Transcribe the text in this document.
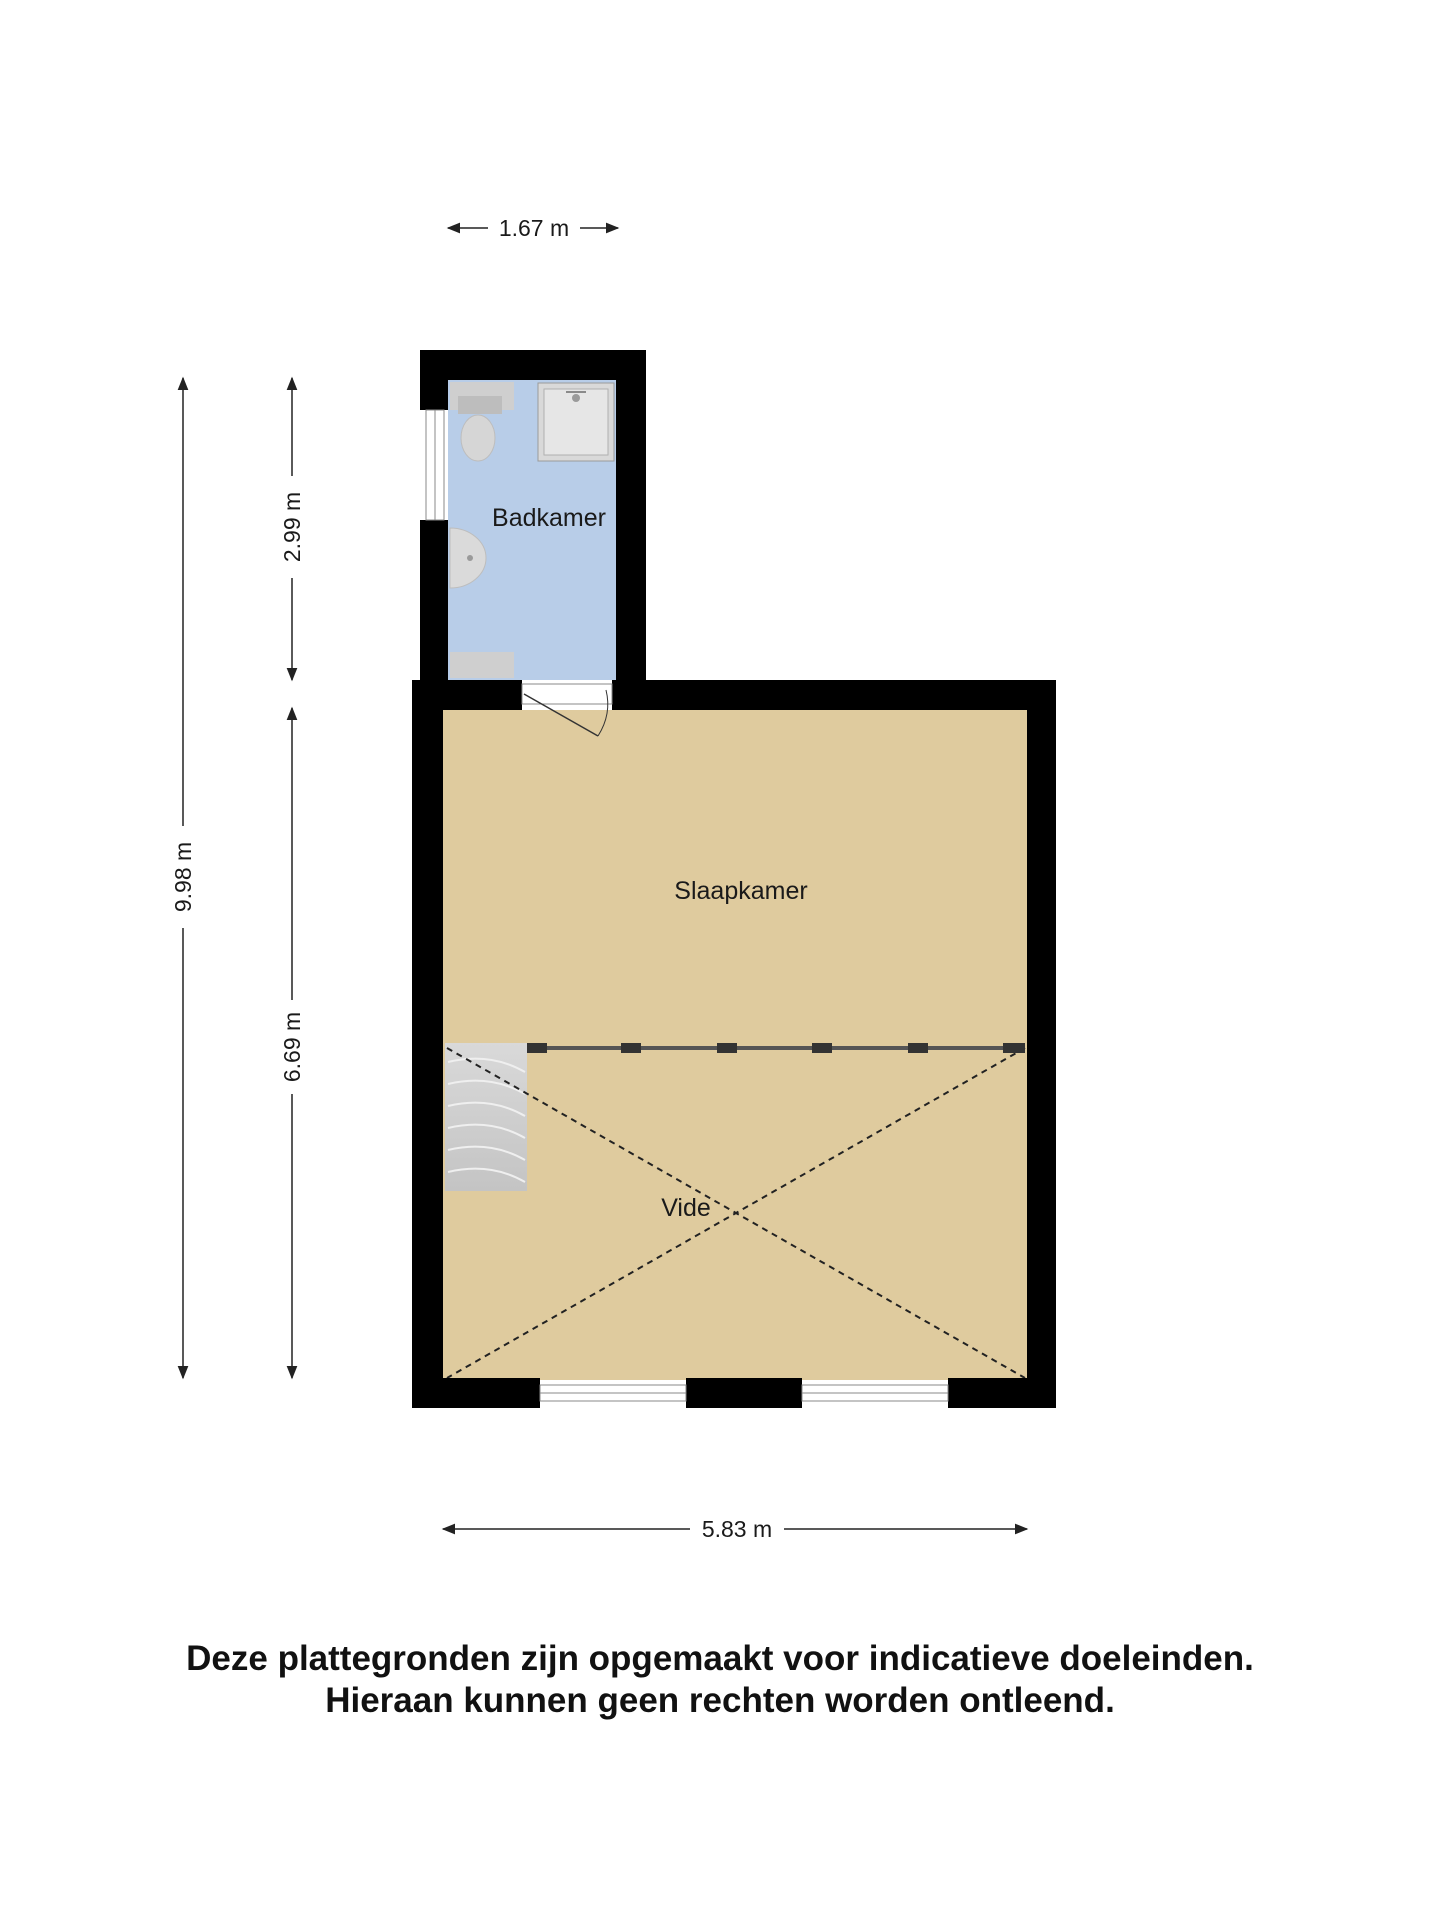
Badkamer
Slaapkamer
Vide
1.67 m
2.99 m
6.69 m
9.98 m
5.83 m
Deze plattegronden zijn opgemaakt voor indicatieve doeleinden.
Hieraan kunnen geen rechten worden ontleend.
